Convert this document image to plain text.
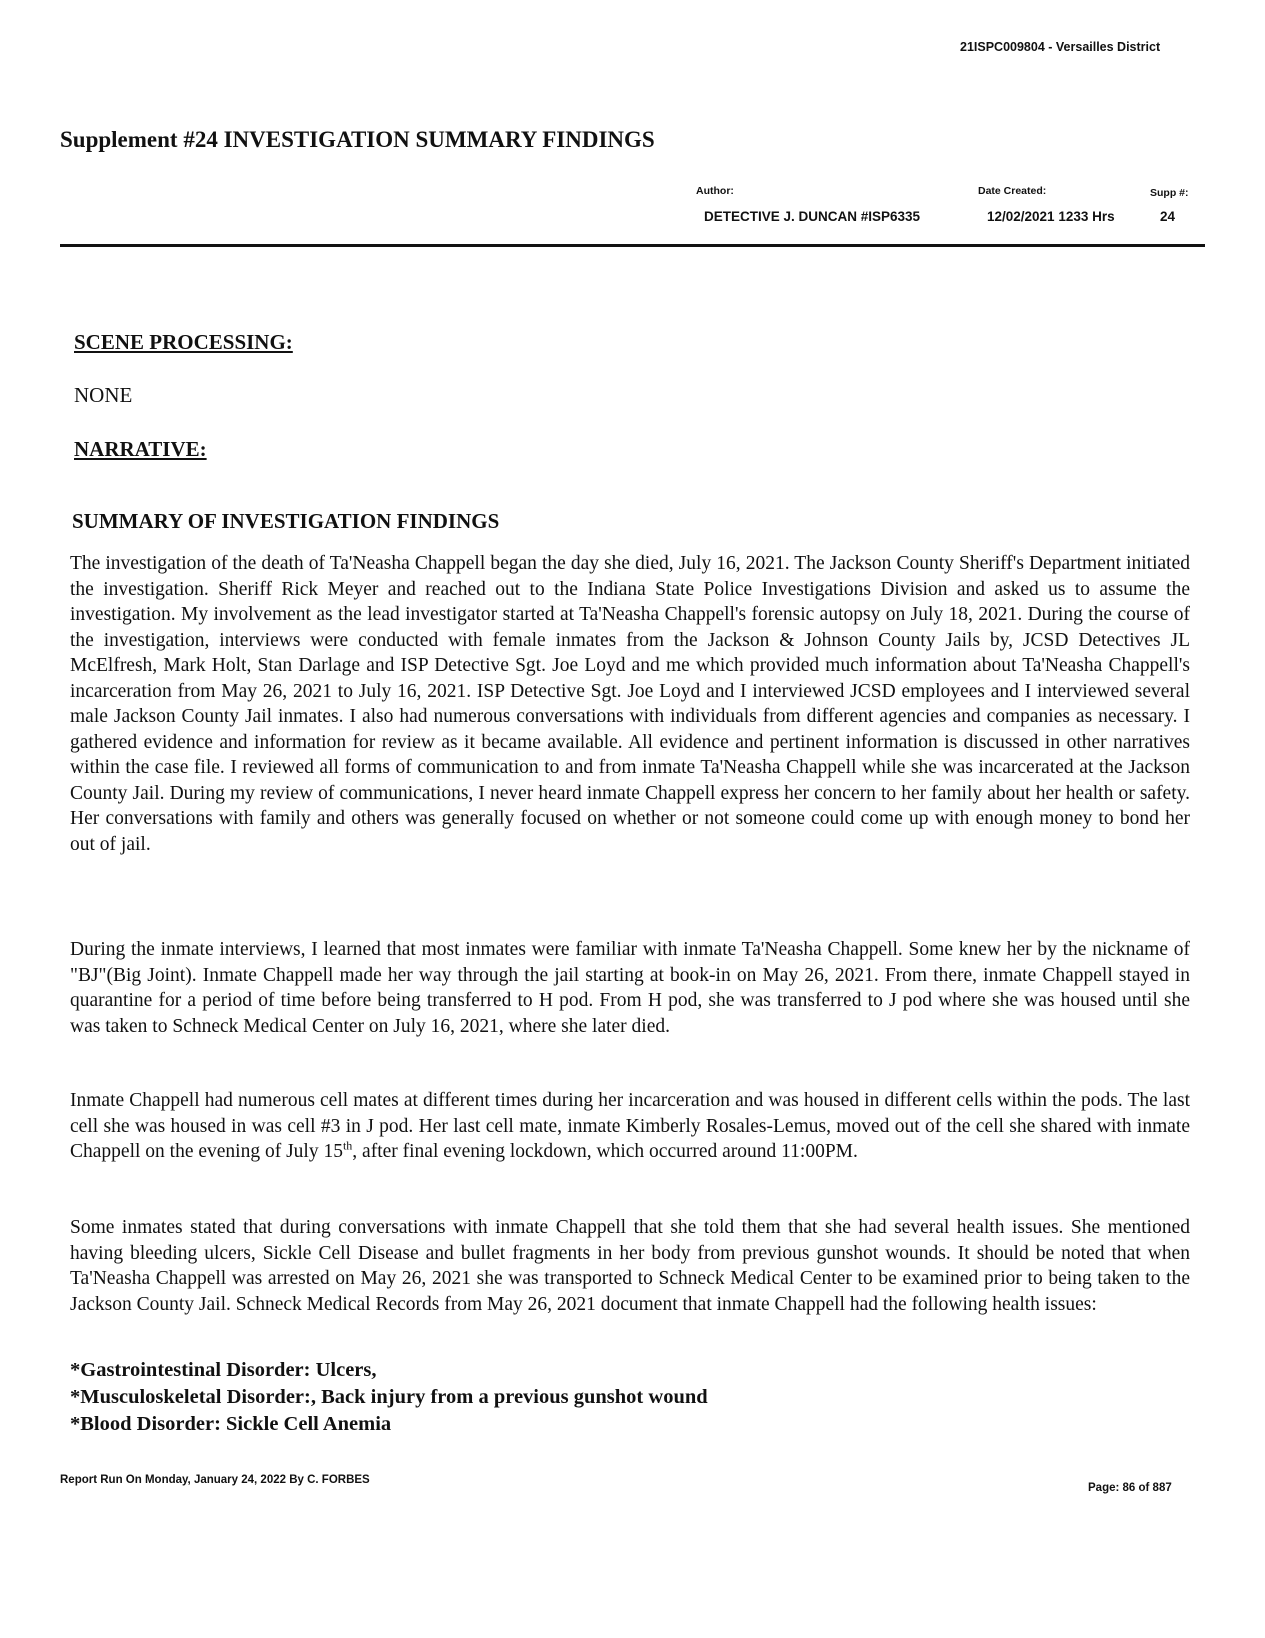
21ISPC009804 - Versailles District
Supplement #24 INVESTIGATION SUMMARY FINDINGS
Author:	Date Created:	Supp #:
DETECTIVE J. DUNCAN #ISP6335	12/02/2021 1233 Hrs	24
SCENE PROCESSING:
NONE
NARRATIVE:
SUMMARY OF INVESTIGATION FINDINGS
The investigation of the death of Ta'Neasha Chappell began the day she died, July 16, 2021. The Jackson County Sheriff's Department initiated the investigation. Sheriff Rick Meyer and reached out to the Indiana State Police Investigations Division and asked us to assume the investigation. My involvement as the lead investigator started at Ta'Neasha Chappell's forensic autopsy on July 18, 2021. During the course of the investigation, interviews were conducted with female inmates from the Jackson & Johnson County Jails by, JCSD Detectives JL McElfresh, Mark Holt, Stan Darlage and ISP Detective Sgt. Joe Loyd and me which provided much information about Ta'Neasha Chappell's incarceration from May 26, 2021 to July 16, 2021. ISP Detective Sgt. Joe Loyd and I interviewed JCSD employees and I interviewed several male Jackson County Jail inmates. I also had numerous conversations with individuals from different agencies and companies as necessary. I gathered evidence and information for review as it became available. All evidence and pertinent information is discussed in other narratives within the case file. I reviewed all forms of communication to and from inmate Ta'Neasha Chappell while she was incarcerated at the Jackson County Jail. During my review of communications, I never heard inmate Chappell express her concern to her family about her health or safety. Her conversations with family and others was generally focused on whether or not someone could come up with enough money to bond her out of jail.
During the inmate interviews, I learned that most inmates were familiar with inmate Ta'Neasha Chappell. Some knew her by the nickname of "BJ"(Big Joint). Inmate Chappell made her way through the jail starting at book-in on May 26, 2021. From there, inmate Chappell stayed in quarantine for a period of time before being transferred to H pod. From H pod, she was transferred to J pod where she was housed until she was taken to Schneck Medical Center on July 16, 2021, where she later died.
Inmate Chappell had numerous cell mates at different times during her incarceration and was housed in different cells within the pods. The last cell she was housed in was cell #3 in J pod. Her last cell mate, inmate Kimberly Rosales-Lemus, moved out of the cell she shared with inmate Chappell on the evening of July 15th, after final evening lockdown, which occurred around 11:00PM.
Some inmates stated that during conversations with inmate Chappell that she told them that she had several health issues. She mentioned having bleeding ulcers, Sickle Cell Disease and bullet fragments in her body from previous gunshot wounds. It should be noted that when Ta'Neasha Chappell was arrested on May 26, 2021 she was transported to Schneck Medical Center to be examined prior to being taken to the Jackson County Jail. Schneck Medical Records from May 26, 2021 document that inmate Chappell had the following health issues:
*Gastrointestinal Disorder: Ulcers,
*Musculoskeletal Disorder:, Back injury from a previous gunshot wound
*Blood Disorder: Sickle Cell Anemia
Report Run On Monday, January 24, 2022 By C. FORBES
Page: 86 of 887
